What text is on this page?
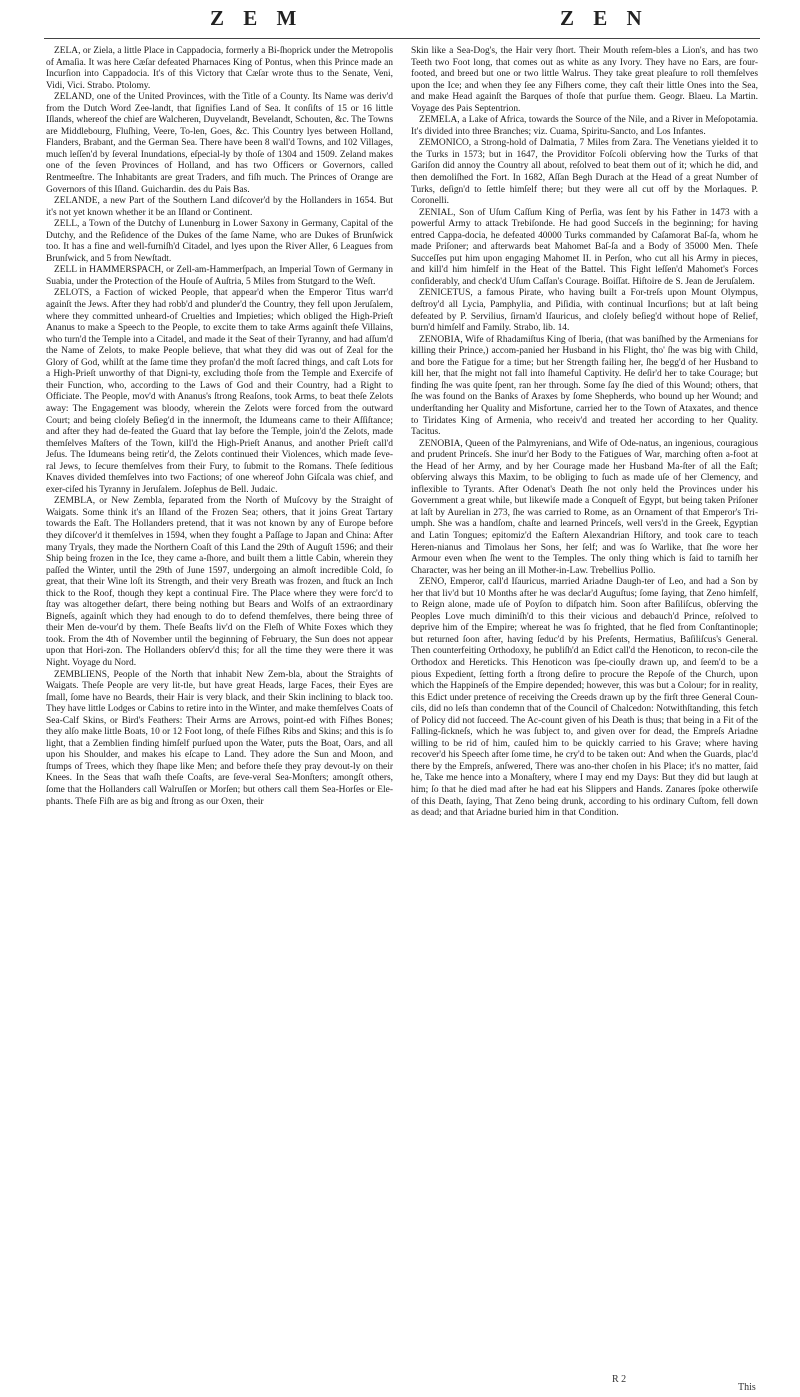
Z E M	Z E N

ZELA, or Ziela, a little Place in Cappadocia, formerly a Bi-ſhoprick under the Metropolis of Amaſia. It was here Cæſar defeated Pharnaces King of Pontus, when this Prince made an Incurſion into Cappadocia. It's of this Victory that Cæſar wrote thus to the Senate, Veni, Vidi, Vici. Strabo. Ptolomy.

ZELAND, one of the United Provinces, with the Title of a County. Its Name was deriv'd from the Dutch Word Zee-landt, that ſignifies Land of Sea. It conſiſts of 15 or 16 little Iſlands, whereof the chief are Walcheren, Duyvelandt, Bevelandt, Schouten, &c. The Towns are Middlebourg, Fluſhing, Veere, To-len, Goes, &c. This Country lyes between Holland, Flanders, Brabant, and the German Sea. There have been 8 wall'd Towns, and 102 Villages, much leſſen'd by ſeveral Inundations, eſpecial-ly by thoſe of 1304 and 1509. Zeland makes one of the ſeven Provinces of Holland, and has two Officers or Governors, called Rentmeeſtre. The Inhabitants are great Traders, and fiſh much. The Princes of Orange are Governors of this Iſland. Guichardin. des du Pais Bas.

ZELANDE, a new Part of the Southern Land diſcover'd by the Hollanders in 1654. But it's not yet known whether it be an Iſland or Continent.

ZELL, a Town of the Dutchy of Lunenburg in Lower Saxony in Germany, Capital of the Dutchy, and the Reſidence of the Dukes of the ſame Name, who are Dukes of Brunſwick too. It has a fine and well-furniſh'd Citadel, and lyes upon the River Aller, 6 Leagues from Brunſwick, and 5 from Newſtadt.

ZELL in HAMMERSPACH, or Zell-am-Hammerſpach, an Imperial Town of Germany in Suabia, under the Protection of the Houſe of Auſtria, 5 Miles from Stutgard to the Weſt.

ZELOTS, a Faction of wicked People, that appear'd when the Emperor Titus warr'd againſt the Jews. After they had robb'd and plunder'd the Country, they fell upon Jeruſalem, where they committed unheard-of Cruelties and Impieties; which obliged the High-Prieſt Ananus to make a Speech to the People, to excite them to take Arms againſt theſe Villains, who turn'd the Temple into a Citadel, and made it the Seat of their Tyranny, and had aſſum'd the Name of Zelots, to make People believe, that what they did was out of Zeal for the Glory of God, whilſt at the ſame time they profan'd the moſt ſacred things, and caſt Lots for a High-Prieſt unworthy of that Digni-ty, excluding thoſe from the Temple and Exercife of their Function, who, according to the Laws of God and their Country, had a Right to Officiate. The People, mov'd with Ananus's ſtrong Reaſons, took Arms, to beat theſe Zelots away: The Engagement was bloody, wherein the Zelots were forced from the outward Court; and being cloſely Beſieg'd in the innermoſt, the Idumeans came to their Aſſiſtance; and after they had de-feated the Guard that lay before the Temple, join'd the Zelots, made themſelves Maſters of the Town, kill'd the High-Prieſt Ananus, and another Prieſt call'd Jeſus. The Idumeans being retir'd, the Zelots continued their Violences, which made ſeve-ral Jews, to ſecure themſelves from their Fury, to ſubmit to the Romans. Theſe ſeditious Knaves divided themſelves into two Factions; of one whereof John Giſcala was chief, and exer-ciſed his Tyranny in Jeruſalem. Joſephus de Bell. Judaic.

ZEMBLA, or New Zembla, ſeparated from the North of Muſcovy by the Straight of Waigats. Some think it's an Iſland of the Frozen Sea; others, that it joins Great Tartary towards the Eaſt. The Hollanders pretend, that it was not known by any of Europe before they diſcover'd it themſelves in 1594, when they fought a Paſſage to Japan and China: After many Tryals, they made the Northern Coaſt of this Land the 29th of Auguſt 1596; and their Ship being frozen in the Ice, they came a-ſhore, and built them a little Cabin, wherein they paſſed the Winter, until the 29th of June 1597, undergoing an almoſt incredible Cold, ſo great, that their Wine loſt its Strength, and their very Breath was frozen, and ſtuck an Inch thick to the Roof, though they kept a continual Fire. The Place where they were forc'd to ſtay was altogether deſart, there being nothing but Bears and Wolfs of an extraordinary Bigneſs, againſt which they had enough to do to defend themſelves, there being three of their Men de-vour'd by them. Theſe Beaſts liv'd on the Fleſh of White Foxes which they took. From the 4th of November until the beginning of February, the Sun does not appear upon that Hori-zon. The Hollanders obſerv'd this; for all the time they were there it was Night. Voyage du Nord.

ZEMBLIENS, People of the North that inhabit New Zem-bla, about the Straights of Waigats. Theſe People are very lit-tle, but have great Heads, large Faces, their Eyes are ſmall, ſome have no Beards, their Hair is very black, and their Skin inclining to black too. They have little Lodges or Cabins to retire into in the Winter, and make themſelves Coats of Sea-Calf Skins, or Bird's Feathers: Their Arms are Arrows, point-ed with Fiſhes Bones; they alſo make little Boats, 10 or 12 Foot long, of theſe Fiſhes Ribs and Skins; and this is ſo light, that a Zemblien finding himſelf purſued upon the Water, puts the Boat, Oars, and all upon his Shoulder, and makes his eſcape to Land. They adore the Sun and Moon, and ſtumps of Trees, which they ſhape like Men; and before theſe they pray devout-ly on their Knees. In the Seas that waſh theſe Coaſts, are ſeve-veral Sea-Monſters; amongſt others, ſome that the Hollanders call Walruſſen or Morſen; but others call them Sea-Horſes or Ele-phants. Theſe Fiſh are as big and ſtrong as our Oxen, their

Skin like a Sea-Dog's, the Hair very ſhort. Their Mouth reſem-bles a Lion's, and has two Teeth two Foot long, that comes out as white as any Ivory. They have no Ears, are four-footed, and breed but one or two little Walrus. They take great pleaſure to roll themſelves upon the Ice; and when they ſee any Fiſhers come, they caſt their little Ones into the Sea, and make Head againſt the Barques of thoſe that purſue them. Geogr. Blaeu. La Martin. Voyage des Pais Septentrion.

ZEMELA, a Lake of Africa, towards the Source of the Nile, and a River in Meſopotamia. It's divided into three Branches; viz. Cuama, Spiritu-Sancto, and Los Infantes.

ZEMONICO, a Strong-hold of Dalmatia, 7 Miles from Zara. The Venetians yielded it to the Turks in 1573; but in 1647, the Providitor Foſcoli obſerving how the Turks of that Gariſon did annoy the Country all about, reſolved to beat them out of it; which he did, and then demoliſhed the Fort. In 1682, Aſſan Begh Durach at the Head of a great Number of Turks, deſign'd to ſettle himſelf there; but they were all cut off by the Morlaques. P. Coronelli.

ZENIAL, Son of Uſum Caſſum King of Perſia, was ſent by his Father in 1473 with a powerful Army to attack Trebiſonde. He had good Succeſs in the beginning; for having entred Cappa-docia, he defeated 40000 Turks commanded by Caſamorat Baſ-ſa, whom he made Priſoner; and afterwards beat Mahomet Baſ-ſa and a Body of 35000 Men. Theſe Succeſſes put him upon engaging Mahomet II. in Perſon, who cut all his Army in pieces, and kill'd him himſelf in the Heat of the Battel. This Fight leſſen'd Mahomet's Forces conſiderably, and check'd Uſum Caſſan's Courage. Boiſſat. Hiſtoire de S. Jean de Jeruſalem.

ZENICETUS, a famous Pirate, who having built a For-treſs upon Mount Olympus, deſtroy'd all Lycia, Pamphylia, and Piſidia, with continual Incurſions; but at laſt being defeated by P. Servilius, ſirnam'd Iſauricus, and cloſely beſieg'd without hope of Relief, burn'd himſelf and Family. Strabo, lib. 14.

ZENOBIA, Wife of Rhadamiſtus King of Iberia, (that was baniſhed by the Armenians for killing their Prince,) accom-panied her Husband in his Flight, tho' ſhe was big with Child, and bore the Fatigue for a time; but her Strength failing her, ſhe begg'd of her Husband to kill her, that ſhe might not fall into ſhameful Captivity. He deſir'd her to take Courage; but finding ſhe was quite ſpent, ran her through. Some ſay ſhe died of this Wound; others, that ſhe was found on the Banks of Araxes by ſome Shepherds, who bound up her Wound; and underſtanding her Quality and Misfortune, carried her to the Town of Ataxates, and thence to Tiridates King of Armenia, who receiv'd and treated her according to her Quality. Tacitus.

ZENOBIA, Queen of the Palmyrenians, and Wife of Ode-natus, an ingenious, couragious and prudent Princeſs. She inur'd her Body to the Fatigues of War, marching often a-foot at the Head of her Army, and by her Courage made her Husband Ma-ſter of all the Eaſt; obſerving always this Maxim, to be obliging to ſuch as made uſe of her Clemency, and inflexible to Tyrants. After Odenat's Death ſhe not only held the Provinces under his Government a great while, but likewiſe made a Conqueſt of Egypt, but being taken Priſoner at laſt by Aurelian in 273, ſhe was carried to Rome, as an Ornament of that Emperor's Tri-umph. She was a handſom, chaſte and learned Princeſs, well vers'd in the Greek, Egyptian and Latin Tongues; epitomiz'd the Eaſtern Alexandrian Hiſtory, and took care to teach Heren-nianus and Timolaus her Sons, her ſelf; and was ſo Warlike, that ſhe wore her Armour even when ſhe went to the Temples. The only thing which is ſaid to tarniſh her Character, was her being an ill Mother-in-Law. Trebellius Pollio.

ZENO, Emperor, call'd Iſauricus, married Ariadne Daugh-ter of Leo, and had a Son by her that liv'd but 10 Months after he was declar'd Auguſtus; ſome ſaying, that Zeno himſelf, to Reign alone, made uſe of Poyſon to diſpatch him. Soon after Baſiliſcus, obſerving the Peoples Love much diminiſh'd to this their vicious and debauch'd Prince, reſolved to deprive him of the Empire; whereat he was ſo frighted, that he fled from Conſtantinople; but returned ſoon after, having ſeduc'd by his Preſents, Hermatius, Baſiliſcus's General. Then counterfeiting Orthodoxy, he publiſh'd an Edict call'd the Henoticon, to recon-cile the Orthodox and Hereticks. This Henoticon was ſpe-ciouſly drawn up, and ſeem'd to be a pious Expedient, ſetting forth a ſtrong deſire to procure the Repoſe of the Church, upon which the Happineſs of the Empire depended; however, this was but a Colour; for in reality, this Edict under pretence of receiving the Creeds drawn up by the firſt three General Coun-cils, did no leſs than condemn that of the Council of Chalcedon: Notwithſtanding, this fetch of Policy did not ſucceed. The Ac-count given of his Death is thus; that being in a Fit of the Falling-ſickneſs, which he was ſubject to, and given over for dead, the Empreſs Ariadne willing to be rid of him, cauſed him to be quickly carried to his Grave; where having recover'd his Speech after ſome time, he cry'd to be taken out: And when the Guards, plac'd there by the Empreſs, anſwered, There was ano-ther choſen in his Place; it's no matter, ſaid he, Take me hence into a Monaſtery, where I may end my Days: But they did but laugh at him; ſo that he died mad after he had eat his Slippers and Hands. Zanares ſpoke otherwiſe of this Death, ſaying, That Zeno being drunk, according to his ordinary Cuſtom, fell down as dead; and that Ariadne buried him in that Condition.

R 2
This
